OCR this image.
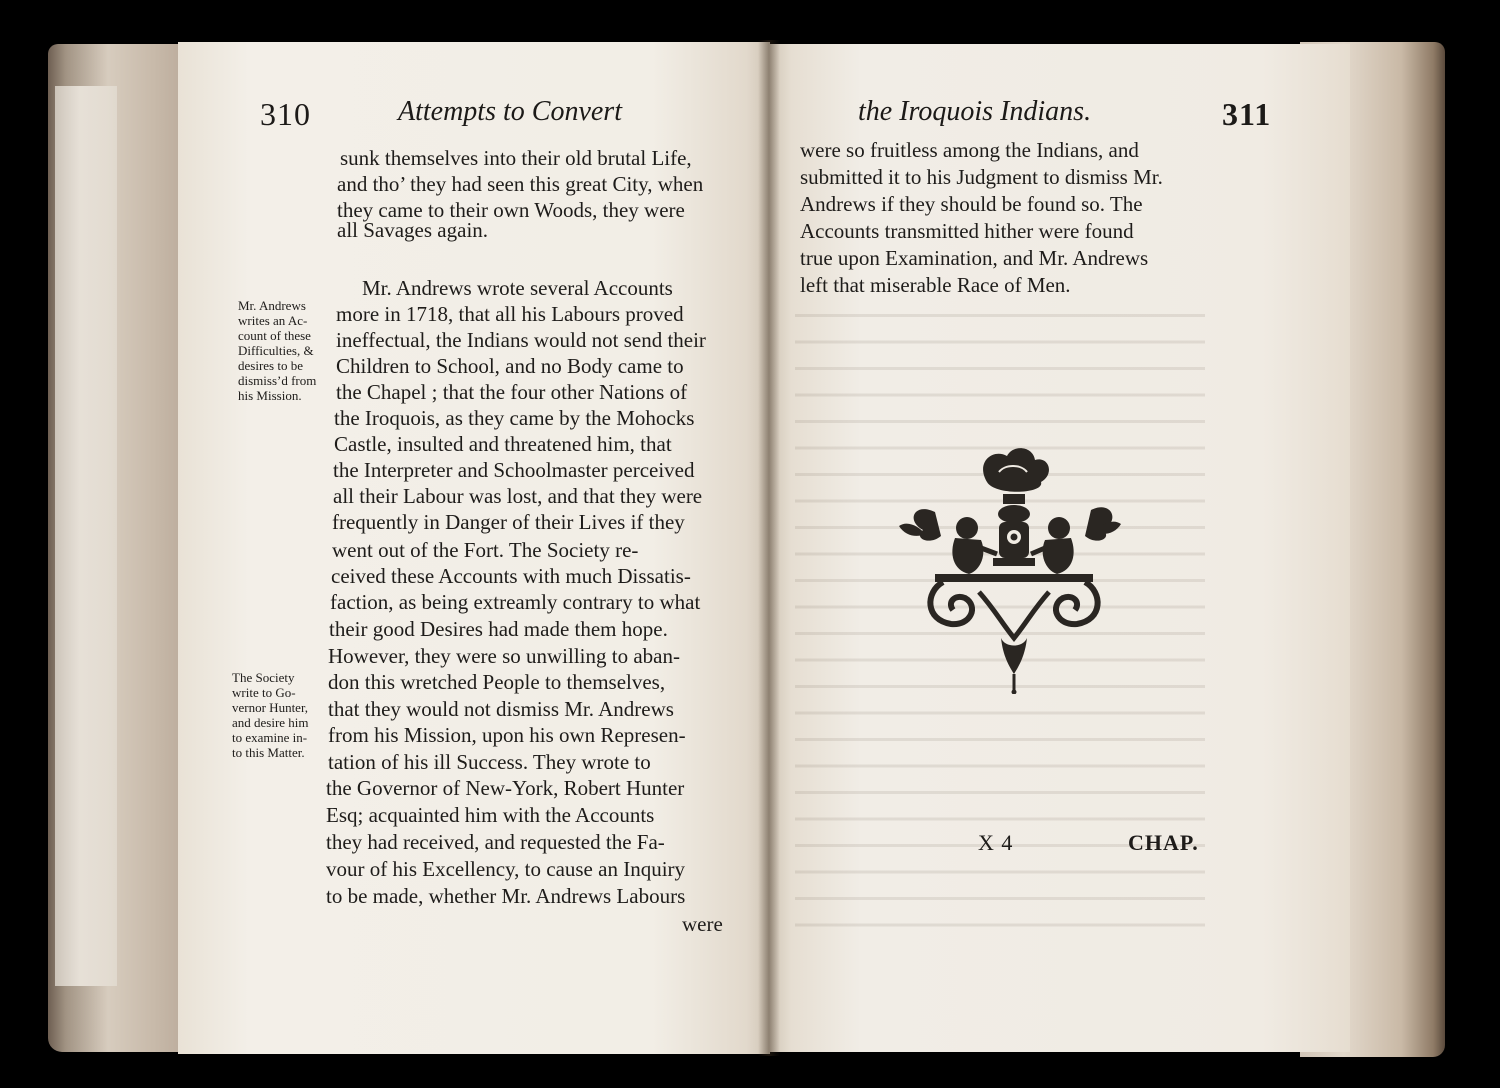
310	Attempts to Convert
sunk themselves into their old brutal Life,
and tho’ they had seen this great City, when
they came to their own Woods, they were
all Savages again.
Mr. Andrews wrote several Accounts
more in 1718, that all his Labours proved
ineffectual, the Indians would not send their
Children to School, and no Body came to
the Chapel ; that the four other Nations of
the Iroquois, as they came by the Mohocks
Castle, insulted and threatened him, that
the Interpreter and Schoolmaster perceived
all their Labour was lost, and that they were
frequently in Danger of their Lives if they
went out of the Fort. The Society re-
ceived these Accounts with much Dissatis-
faction, as being extreamly contrary to what
their good Desires had made them hope.
However, they were so unwilling to aban-
don this wretched People to themselves,
that they would not dismiss Mr. Andrews
from his Mission, upon his own Represen-
tation of his ill Success. They wrote to
the Governor of New-York, Robert Hunter
Esq; acquainted him with the Accounts
they had received, and requested the Fa-
vour of his Excellency, to cause an Inquiry
to be made, whether Mr. Andrews Labours
were
Mr. Andrews
writes an Ac-
count of these
Difficulties, &
desires to be
dismiss’d from
his Mission.
The Society
write to Go-
vernor Hunter,
and desire him
to examine in-
to this Matter.
the Iroquois Indians.	311
were so fruitless among the Indians, and
submitted it to his Judgment to dismiss Mr.
Andrews if they should be found so. The
Accounts transmitted hither were found
true upon Examination, and Mr. Andrews
left that miserable Race of Men.
X 4	CHAP.
